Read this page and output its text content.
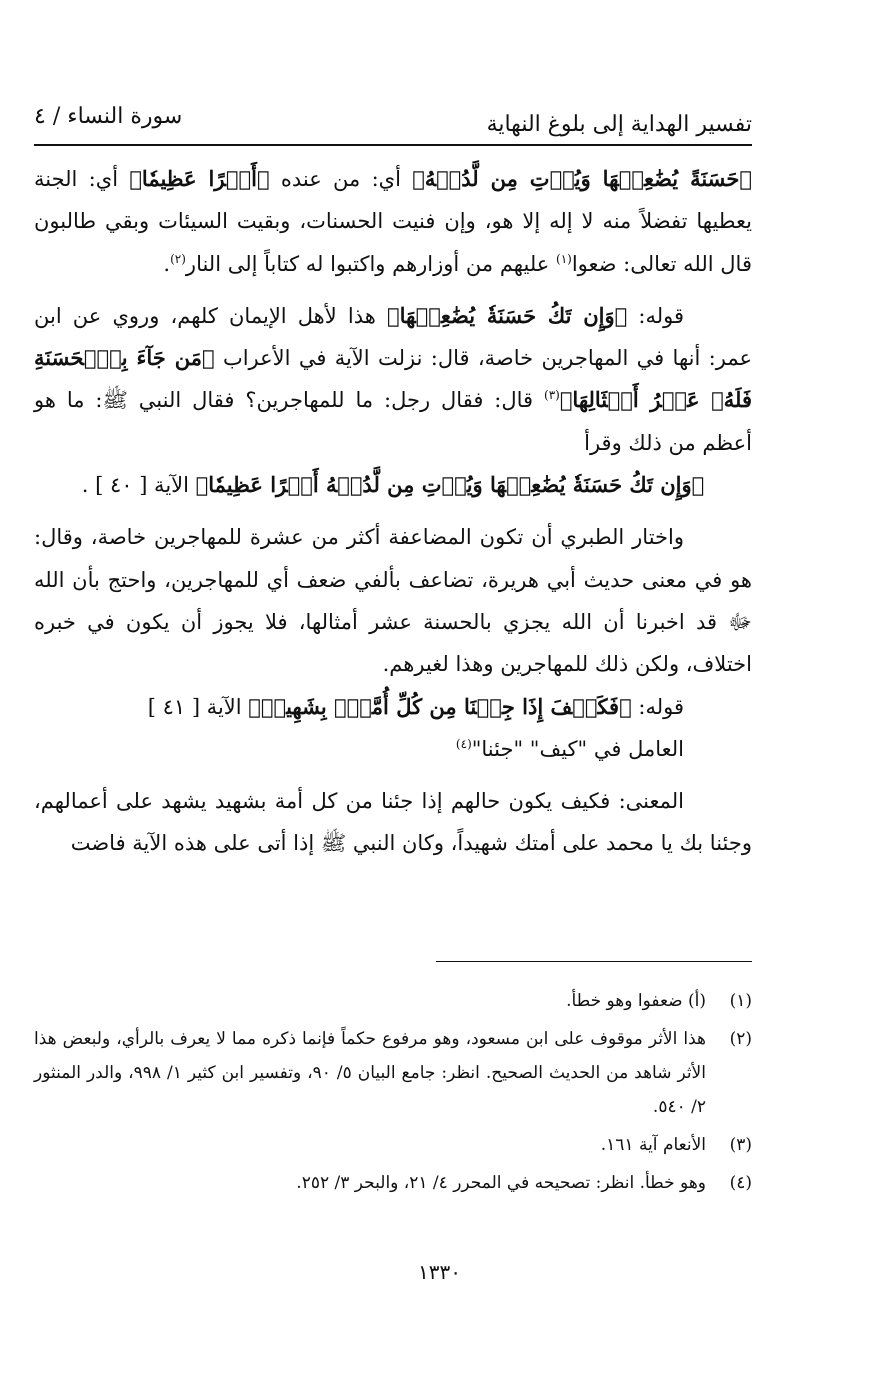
تفسير الهداية إلى بلوغ النهاية
سورة النساء / ٤

﴿حَسَنَةً يُضَٰعِفۡهَا وَيُؤۡتِ مِن لَّدُنۡهُ﴾ أي: من عنده ﴿أَجۡرًا عَظِيمٗا﴾ أي: الجنة يعطيها تفضلاً منه لا إله إلا هو، وإن فنيت الحسنات، وبقيت السيئات وبقي طالبون قال الله تعالى: ضعوا$^{(١)}$ عليهم من أوزارهم واكتبوا له كتاباً إلى النار$^{(٢)}$.

قوله: ﴿وَإِن تَكُ حَسَنَةٗ يُضَٰعِفۡهَا﴾ هذا لأهل الإيمان كلهم، وروي عن ابن عمر: أنها في المهاجرين خاصة، قال: نزلت الآية في الأعراب ﴿مَن جَآءَ بِٱلۡحَسَنَةِ فَلَهُۥ عَشۡرُ أَمۡثَالِهَا﴾$^{(٣)}$ قال: فقال رجل: ما للمهاجرين؟ فقال النبي ﷺ: ما هو أعظم من ذلك وقرأ

﴿وَإِن تَكُ حَسَنَةٗ يُضَٰعِفۡهَا وَيُؤۡتِ مِن لَّدُنۡهُ أَجۡرًا عَظِيمٗا﴾ الآية [ ٤٠ ] .

واختار الطبري أن تكون المضاعفة أكثر من عشرة للمهاجرين خاصة، وقال: هو في معنى حديث أبي هريرة، تضاعف بألفي ضعف أي للمهاجرين، واحتج بأن الله ﷻ قد اخبرنا أن الله يجزي بالحسنة عشر أمثالها، فلا يجوز أن يكون في خبره اختلاف، ولكن ذلك للمهاجرين وهذا لغيرهم.

قوله: ﴿فَكَيۡفَ إِذَا جِئۡنَا مِن كُلِّ أُمَّةِۭ بِشَهِيدٖ﴾ الآية [ ٤١ ]

العامل في "كيف" "جئنا"$^{(٤)}$

المعنى: فكيف يكون حالهم إذا جئنا من كل أمة بشهيد يشهد على أعمالهم، وجئنا بك يا محمد على أمتك شهيداً، وكان النبي ﷺ إذا أتى على هذه الآية فاضت

(١)
(أ) ضعفوا وهو خطأ.
(٢)
هذا الأثر موقوف على ابن مسعود، وهو مرفوع حكماً فإنما ذكره مما لا يعرف بالرأي، ولبعض هذا الأثر شاهد من الحديث الصحيح. انظر: جامع البيان ٥/ ٩٠، وتفسير ابن كثير ١/ ٩٩٨، والدر المنثور ٢/ ٥٤٠.
(٣)
الأنعام آية ١٦١.
(٤)
وهو خطأ. انظر: تصحيحه في المحرر ٤/ ٢١، والبحر ٣/ ٢٥٢.
١٣٣٠
